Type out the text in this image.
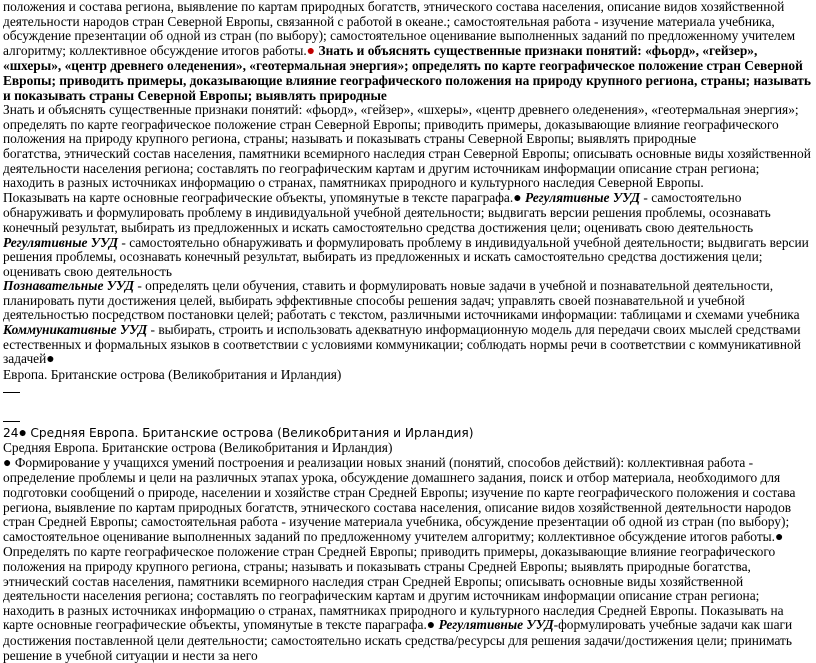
положения и состава региона, выявление по картам природных богатств, этнического состава населения, описание видов хозяйственной деятельности народов стран Северной Европы, связанной с работой в океане.; самостоятельная работа - изучение материала учебника, обсуждение презентации об одной из стран (по выбору); самостоятельное оценивание выполненных заданий по предложенному учителем алгоритму; коллективное обсуждение итогов работы.● Знать и объяснять существенные признаки понятий: «фьорд», «гейзер», «шхеры», «центр древнего оледенения», «геотермальная энергия»; определять по карте географическое положение стран Северной Европы; приводить примеры, доказывающие влияние географического положения на природу крупного региона, страны; называть и показывать страны Северной Европы; выявлять природные

Знать и объяснять существенные признаки понятий: «фьорд», «гейзер», «шхеры», «центр древнего оледенения», «геотермальная энергия»; определять по карте географическое положение стран Северной Европы; приводить примеры, доказывающие влияние географического положения на природу крупного региона, страны; называть и показывать страны Северной Европы; выявлять природные

богатства, этнический состав населения, памятники всемирного наследия стран Северной Европы; описывать основные виды хозяйственной деятельности населения региона; составлять по географическим картам и другим источникам информации описание стран региона; находить в разных источниках информацию о странах, памятниках природного и культурного наследия Северной Европы.

Показывать на карте основные географические объекты, упомянутые в тексте параграфа.● Регулятивные УУД - самостоятельно обнаруживать и формулировать проблему в индивидуальной учебной деятельности; выдвигать версии решения проблемы, осознавать конечный результат, выбирать из предложенных и искать самостоятельно средства достижения цели; оценивать свою деятельность

Регулятивные УУД - самостоятельно обнаруживать и формулировать проблему в индивидуальной учебной деятельности; выдвигать версии решения проблемы, осознавать конечный результат, выбирать из предложенных и искать самостоятельно средства достижения цели; оценивать свою деятельность

Познавательные УУД - определять цели обучения, ставить и формулировать новые задачи в учебной и познавательной деятельности, планировать пути достижения целей, выбирать эффективные способы решения задач; управлять своей познавательной и учебной деятельностью посредством постановки целей; работать с текстом, различными источниками информации: таблицами и схемами учебника

Коммуникативные УУД - выбирать, строить и использовать адекватную информационную модель для передачи своих мыслей средствами естественных и формальных языков в соответствии с условиями коммуникации; соблюдать нормы речи в соответствии с коммуникативной задачей●

Европа. Британские острова (Великобритания и Ирландия)

24● Средняя Европа. Британские острова (Великобритания и Ирландия)

Средняя Европа. Британские острова (Великобритания и Ирландия)

● Формирование у учащихся умений построения и реализации новых знаний (понятий, способов действий): коллективная работа - определение проблемы и цели на различных этапах урока, обсуждение домашнего задания, поиск и отбор материала, необходимого для подготовки сообщений о природе, населении и хозяйстве стран Средней Европы; изучение по карте географического положения и состава региона, выявление по картам природных богатств, этнического состава населения, описание видов хозяйственной деятельности народов стран Средней Европы; самостоятельная работа - изучение материала учебника, обсуждение презентации об одной из стран (по выбору); самостоятельное оценивание выполненных заданий по предложенному учителем алгоритму; коллективное обсуждение итогов работы.● Определять по карте географическое положение стран Средней Европы; приводить примеры, доказывающие влияние географического положения на природу крупного региона, страны; называть и показывать страны Средней Европы; выявлять природные богатства, этнический состав населения, памятники всемирного наследия стран Средней Европы; описывать основные виды хозяйственной деятельности населения региона; составлять по географическим картам и другим источникам информации описание стран региона; находить в разных источниках информацию о странах, памятниках природного и культурного наследия Средней Европы. Показывать на карте основные географические объекты, упомянутые в тексте параграфа.● Регулятивные УУД-формулировать учебные задачи как шаги достижения поставленной цели деятельности; самостоятельно искать средства/ресурсы для решения задачи/достижения цели; принимать решение в учебной ситуации и нести за него
